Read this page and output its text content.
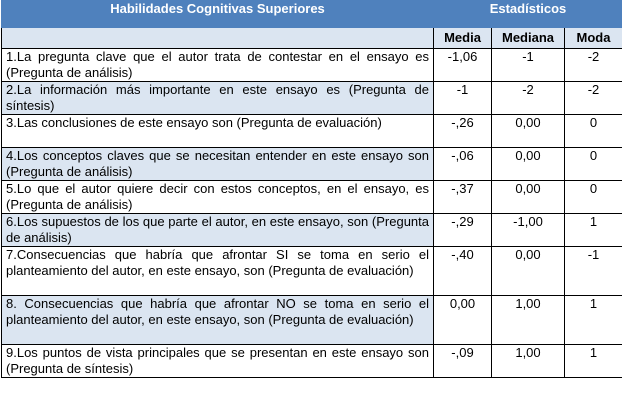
Habilidades Cognitivas Superiores	Estadísticos		
	Media	Mediana	Moda
1.La pregunta clave que el autor trata de contestar en el ensayo es (Pregunta de análisis)	-1,06	-1	-2
2.La información más importante en este ensayo es (Pregunta de síntesis)	-1	-2	-2
3.Las conclusiones de este ensayo son (Pregunta de evaluación)	-,26	0,00	0
4.Los conceptos claves que se necesitan entender en este ensayo son (Pregunta de análisis)	-,06	0,00	0
5.Lo que el autor quiere decir con estos conceptos, en el ensayo, es (Pregunta de análisis)	-,37	0,00	0
6.Los supuestos de los que parte el autor, en este ensayo, son (Pregunta de análisis)	-,29	-1,00	1
7.Consecuencias que habría que afrontar SI se toma en serio el planteamiento del autor, en este ensayo, son (Pregunta de evaluación)	-,40	0,00	-1
8. Consecuencias que habría que afrontar NO se toma en serio el planteamiento del autor, en este ensayo, son (Pregunta de evaluación)	0,00	1,00	1
9.Los puntos de vista principales que se presentan en este ensayo son (Pregunta de síntesis)	-,09	1,00	1
